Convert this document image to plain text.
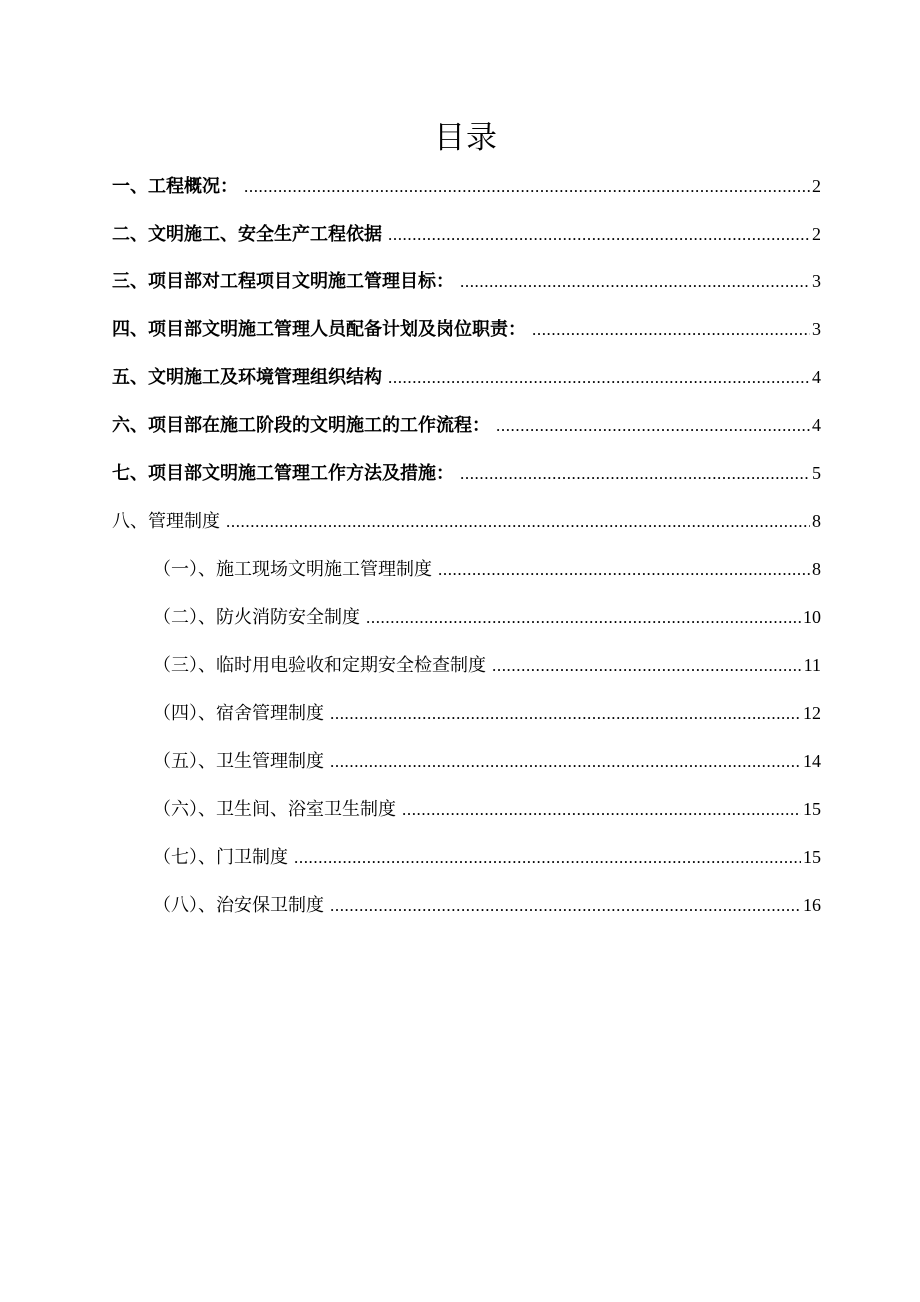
目录
一、工程概况： .....	2
二、文明施工、安全生产工程依据 .....	2
三、项目部对工程项目文明施工管理目标： .....	3
四、项目部文明施工管理人员配备计划及岗位职责： .....	3
五、文明施工及环境管理组织结构 .....	4
六、项目部在施工阶段的文明施工的工作流程： .....	4
七、项目部文明施工管理工作方法及措施： .....	5
八、管理制度 .....	8
（一）、施工现场文明施工管理制度 .....	8
（二）、防火消防安全制度 .....	10
（三）、临时用电验收和定期安全检查制度 .....	11
（四）、宿舍管理制度 .....	12
（五）、卫生管理制度 .....	14
（六）、卫生间、浴室卫生制度 .....	15
（七）、门卫制度 .....	15
（八）、治安保卫制度 .....	16
